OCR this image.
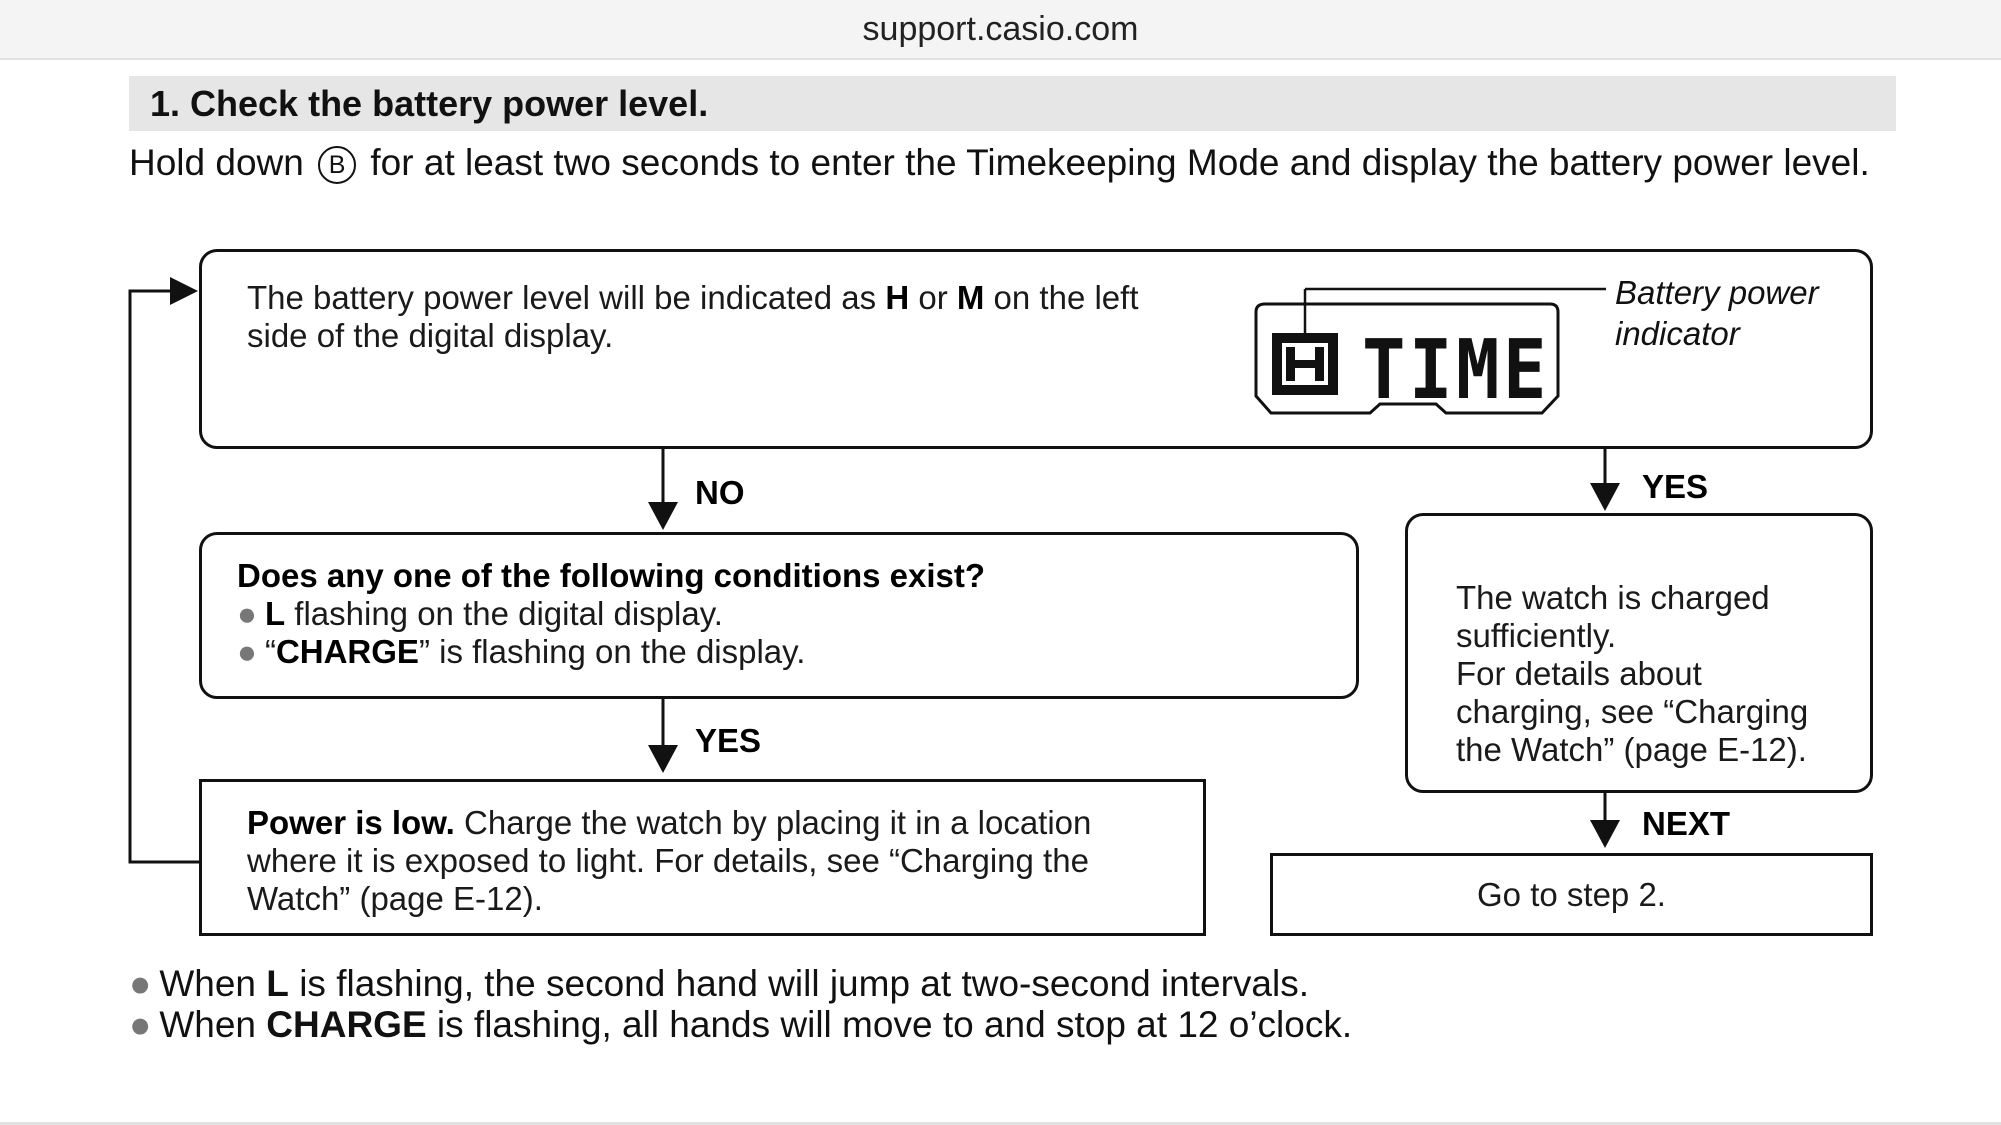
support.casio.com
1. Check the battery power level.
Hold down B for at least two seconds to enter the Timekeeping Mode and display the battery power level.
The battery power level will be indicated as H or M on the left side of the digital display.	TIME
Battery power indicator
NO	YES
Does any one of the following conditions exist?
● L flashing on the digital display.
● “CHARGE” is flashing on the display.

The watch is charged sufficiently.
For details about charging, see “Charging the Watch” (page E-12).

YES
NEXT
Power is low. Charge the watch by placing it in a location where it is exposed to light. For details, see “Charging the Watch” (page E-12).	Go to step 2.
● When L is flashing, the second hand will jump at two-second intervals.
● When CHARGE is flashing, all hands will move to and stop at 12 o’clock.
